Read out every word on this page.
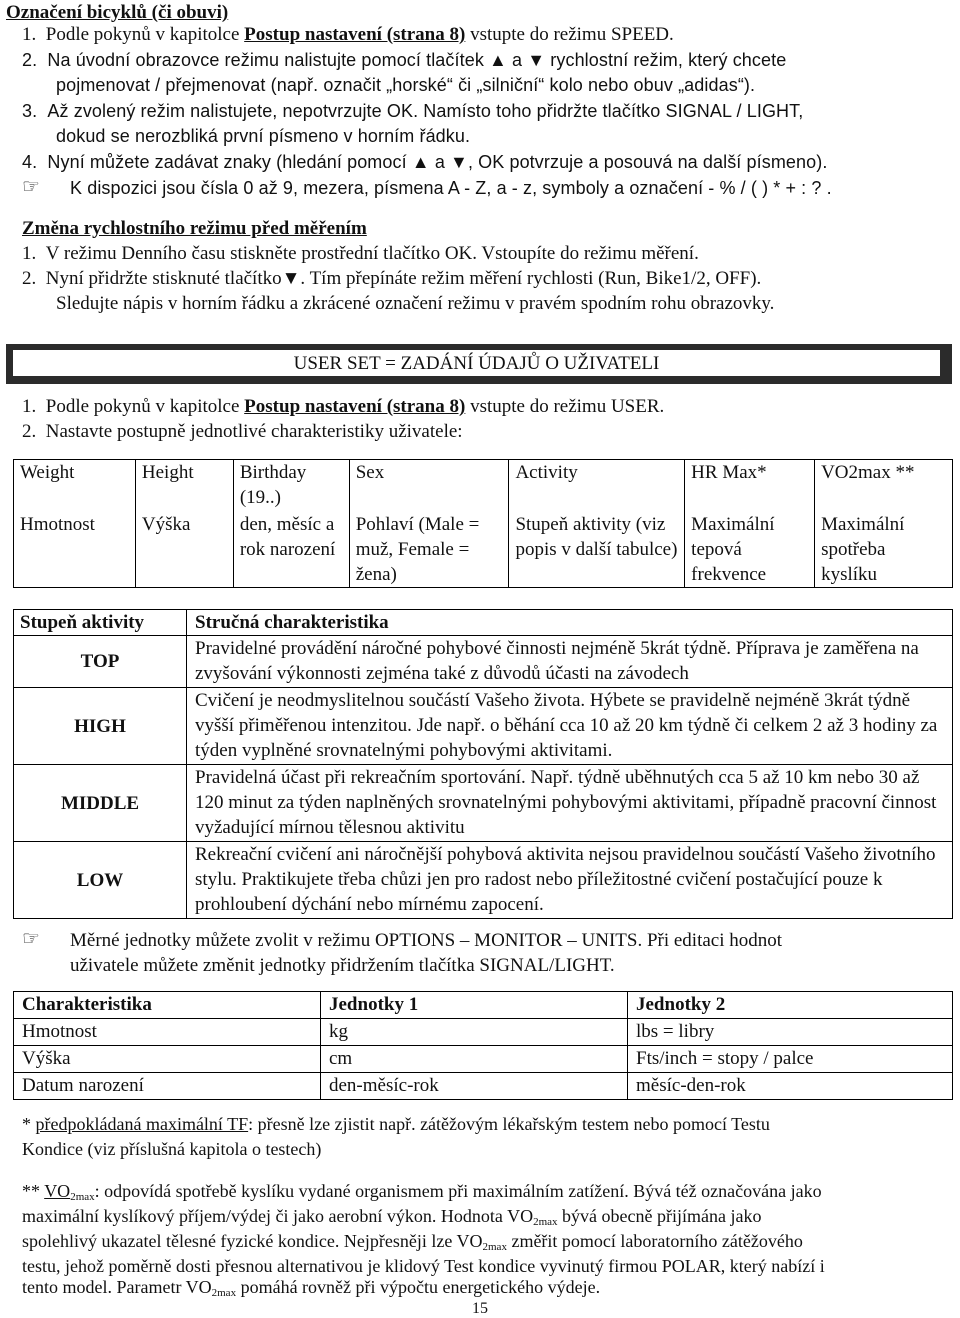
Označení bicyklů (či obuvi)
1. Podle pokynů v kapitolce Postup nastavení (strana 8) vstupte do režimu SPEED.
2. Na úvodní obrazovce režimu nalistujte pomocí tlačítek ▲ a ▼ rychlostní režim, který chcete
pojmenovat / přejmenovat (např. označit „horské“ či „silniční“ kolo nebo obuv „adidas“).
3. Až zvolený režim nalistujete, nepotvrzujte OK. Namísto toho přidržte tlačítko SIGNAL / LIGHT,
dokud se nerozbliká první písmeno v horním řádku.
4. Nyní můžete zadávat znaky (hledání pomocí ▲ a ▼, OK potvrzuje a posouvá na další písmeno).
☞ K dispozici jsou čísla 0 až 9, mezera, písmena A - Z, a - z, symboly a označení - % / ( ) * + : ? .
Změna rychlostního režimu před měřením
1. V režimu Denního času stiskněte prostřední tlačítko OK. Vstoupíte do režimu měření.
2. Nyní přidržte stisknuté tlačítko▼. Tím přepínáte režim měření rychlosti (Run, Bike1/2, OFF).
Sledujte nápis v horním řádku a zkrácené označení režimu v pravém spodním rohu obrazovky.
USER SET = ZADÁNÍ ÚDAJŮ O UŽIVATELI
1. Podle pokynů v kapitolce Postup nastavení (strana 8) vstupte do režimu USER.
2. Nastavte postupně jednotlivé charakteristiky uživatele:
Weight	Height	Birthday (19..)	Sex	Activity	HR Max*	VO2max **
Hmotnost	Výška	den, měsíc a rok narození	Pohlaví (Male = muž, Female = žena)	Stupeň aktivity (viz popis v další tabulce)	Maximální tepová frekvence	Maximální spotřeba kyslíku
Stupeň aktivity	Stručná charakteristika
TOP	Pravidelné provádění náročné pohybové činnosti nejméně 5krát týdně. Příprava je zaměřena na zvyšování výkonnosti zejména také z důvodů účasti na závodech
HIGH	Cvičení je neodmyslitelnou součástí Vašeho života. Hýbete se pravidelně nejméně 3krát týdně vyšší přiměřenou intenzitou. Jde např. o běhání cca 10 až 20 km týdně či celkem 2 až 3 hodiny za týden vyplněné srovnatelnými pohybovými aktivitami.
MIDDLE	Pravidelná účast při rekreačním sportování. Např. týdně uběhnutých cca 5 až 10 km nebo 30 až 120 minut za týden naplněných srovnatelnými pohybovými aktivitami, případně pracovní činnost vyžadující mírnou tělesnou aktivitu
LOW	Rekreační cvičení ani náročnější pohybová aktivita nejsou pravidelnou součástí Vašeho životního stylu. Praktikujete třeba chůzi jen pro radost nebo příležitostné cvičení postačující pouze k prohloubení dýchání nebo mírnému zapocení.
☞ Měrné jednotky můžete zvolit v režimu OPTIONS – MONITOR – UNITS. Při editaci hodnot
uživatele můžete změnit jednotky přidržením tlačítka SIGNAL/LIGHT.
Charakteristika	Jednotky 1	Jednotky 2
Hmotnost	kg	lbs = libry
Výška	cm	Fts/inch = stopy / palce
Datum narození	den-měsíc-rok	měsíc-den-rok
* předpokládaná maximální TF: přesně lze zjistit např. zátěžovým lékařským testem nebo pomocí Testu
Kondice (viz příslušná kapitola o testech)
** $VO_{2max}$: odpovídá spotřebě kyslíku vydané organismem při maximálním zatížení. Bývá též označována jako
maximální kyslíkový příjem/výdej či jako aerobní výkon. Hodnota $VO_{2max}$ bývá obecně přijímána jako
spolehlivý ukazatel tělesné fyzické kondice. Nejpřesněji lze $VO_{2max}$ změřit pomocí laboratorního zátěžového
testu, jehož poměrně dosti přesnou alternativou je klidový Test kondice vyvinutý firmou POLAR, který nabízí i
tento model. Parametr $VO_{2max}$ pomáhá rovněž při výpočtu energetického výdeje.
15
